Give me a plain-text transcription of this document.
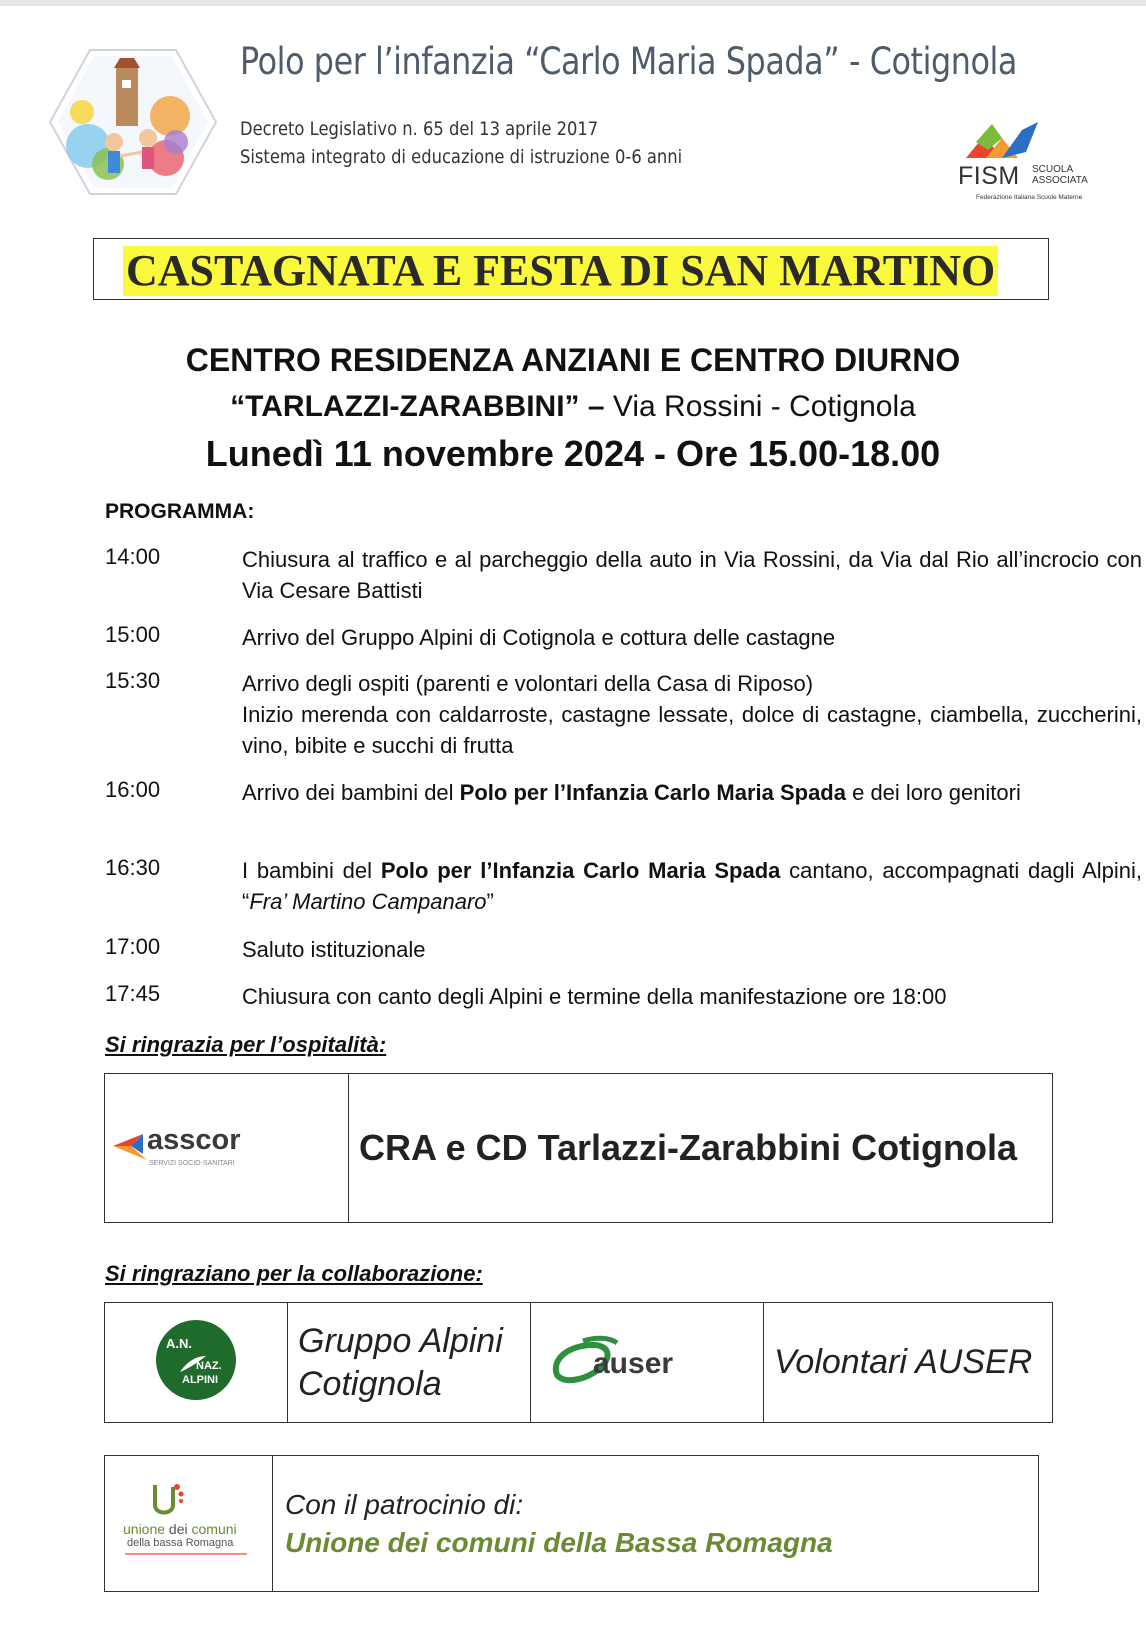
Polo per l’infanzia “Carlo Maria Spada” - Cotignola
Decreto Legislativo n. 65 del 13 aprile 2017
Sistema integrato di educazione di istruzione 0-6 anni
FISM SCUOLA
ASSOCIATA
Federazione Italiana Scuole Materne
CASTAGNATA E FESTA DI SAN MARTINO
CENTRO RESIDENZA ANZIANI E CENTRO DIURNO
“TARLAZZI-ZARABBINI” – Via Rossini - Cotignola
Lunedì 11 novembre 2024 - Ore 15.00-18.00
PROGRAMMA:
14:00	Chiusura al traffico e al parcheggio della auto in Via Rossini, da Via dal Rio all’incrocio con Via Cesare Battisti
15:00	Arrivo del Gruppo Alpini di Cotignola e cottura delle castagne
15:30	Arrivo degli ospiti (parenti e volontari della Casa di Riposo)
Inizio merenda con caldarroste, castagne lessate, dolce di castagne, ciambella, zuccherini, vino, bibite e succhi di frutta
16:00	Arrivo dei bambini del Polo per l’Infanzia Carlo Maria Spada e dei loro genitori
16:30	I bambini del Polo per l’Infanzia Carlo Maria Spada cantano, accompagnati dagli Alpini, “Fra’ Martino Campanaro”
17:00	Saluto istituzionale
17:45	Chiusura con canto degli Alpini e termine della manifestazione ore 18:00
Si ringrazia per l’ospitalità:
asscor
SERVIZI SOCIO-SANITARI	CRA e CD Tarlazzi-Zarabbini Cotignola
Si ringraziano per la collaborazione:
A.N.
NAZ.
ALPINI

Gruppo Alpini
Cotignola

auser	Volontari AUSER
unione dei comuni
della bassa Romagna

Con il patrocinio di:
Unione dei comuni della Bassa Romagna
